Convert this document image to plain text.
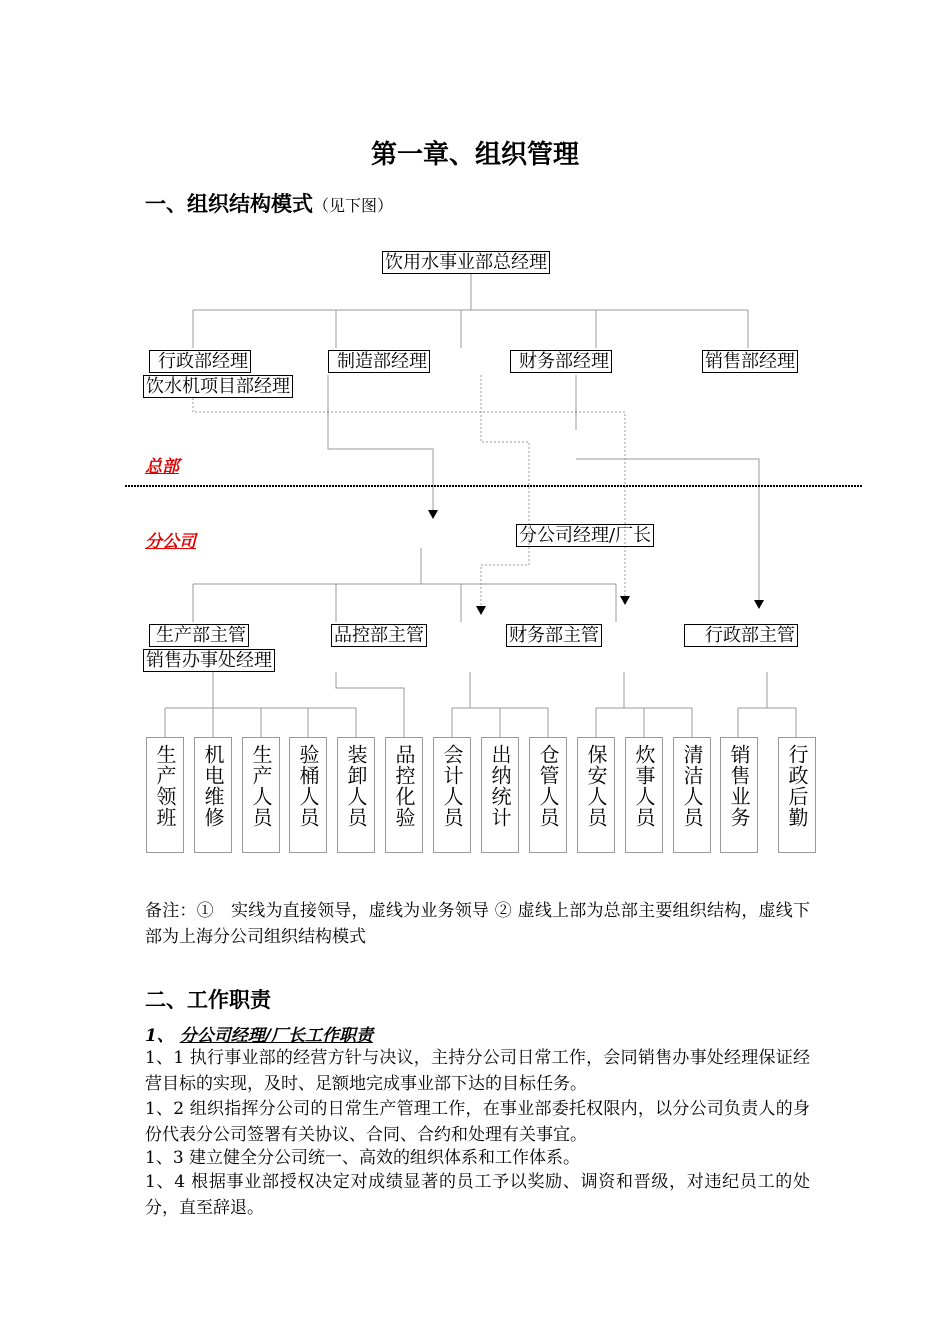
第一章、组织管理
一、组织结构模式（见下图）
饮用水事业部总经理
行政部经理	制造部经理	财务部经理	销售部经理
饮水机项目部经理
总部
分公司	分公司经理/厂长
生产部主管	品控部主管	财务部主管	行政部主管
销售办事处经理
生产领班	机电维修	生产人员	验桶人员	装卸人员	品控化验	会计人员	出纳统计	仓管人员	保安人员	炊事人员	清洁人员	销售业务	行政后勤
备注：①　实线为直接领导，虚线为业务领导 ② 虚线上部为总部主要组织结构，虚线下部为上海分公司组织结构模式
二、工作职责
1、 分公司经理/厂长工作职责
1、1 执行事业部的经营方针与决议，主持分公司日常工作，会同销售办事处经理保证经营目标的实现，及时、足额地完成事业部下达的目标任务。
1、2 组织指挥分公司的日常生产管理工作，在事业部委托权限内，以分公司负责人的身份代表分公司签署有关协议、合同、合约和处理有关事宜。
1、3 建立健全分公司统一、高效的组织体系和工作体系。
1、4 根据事业部授权决定对成绩显著的员工予以奖励、调资和晋级，对违纪员工的处分，直至辞退。
